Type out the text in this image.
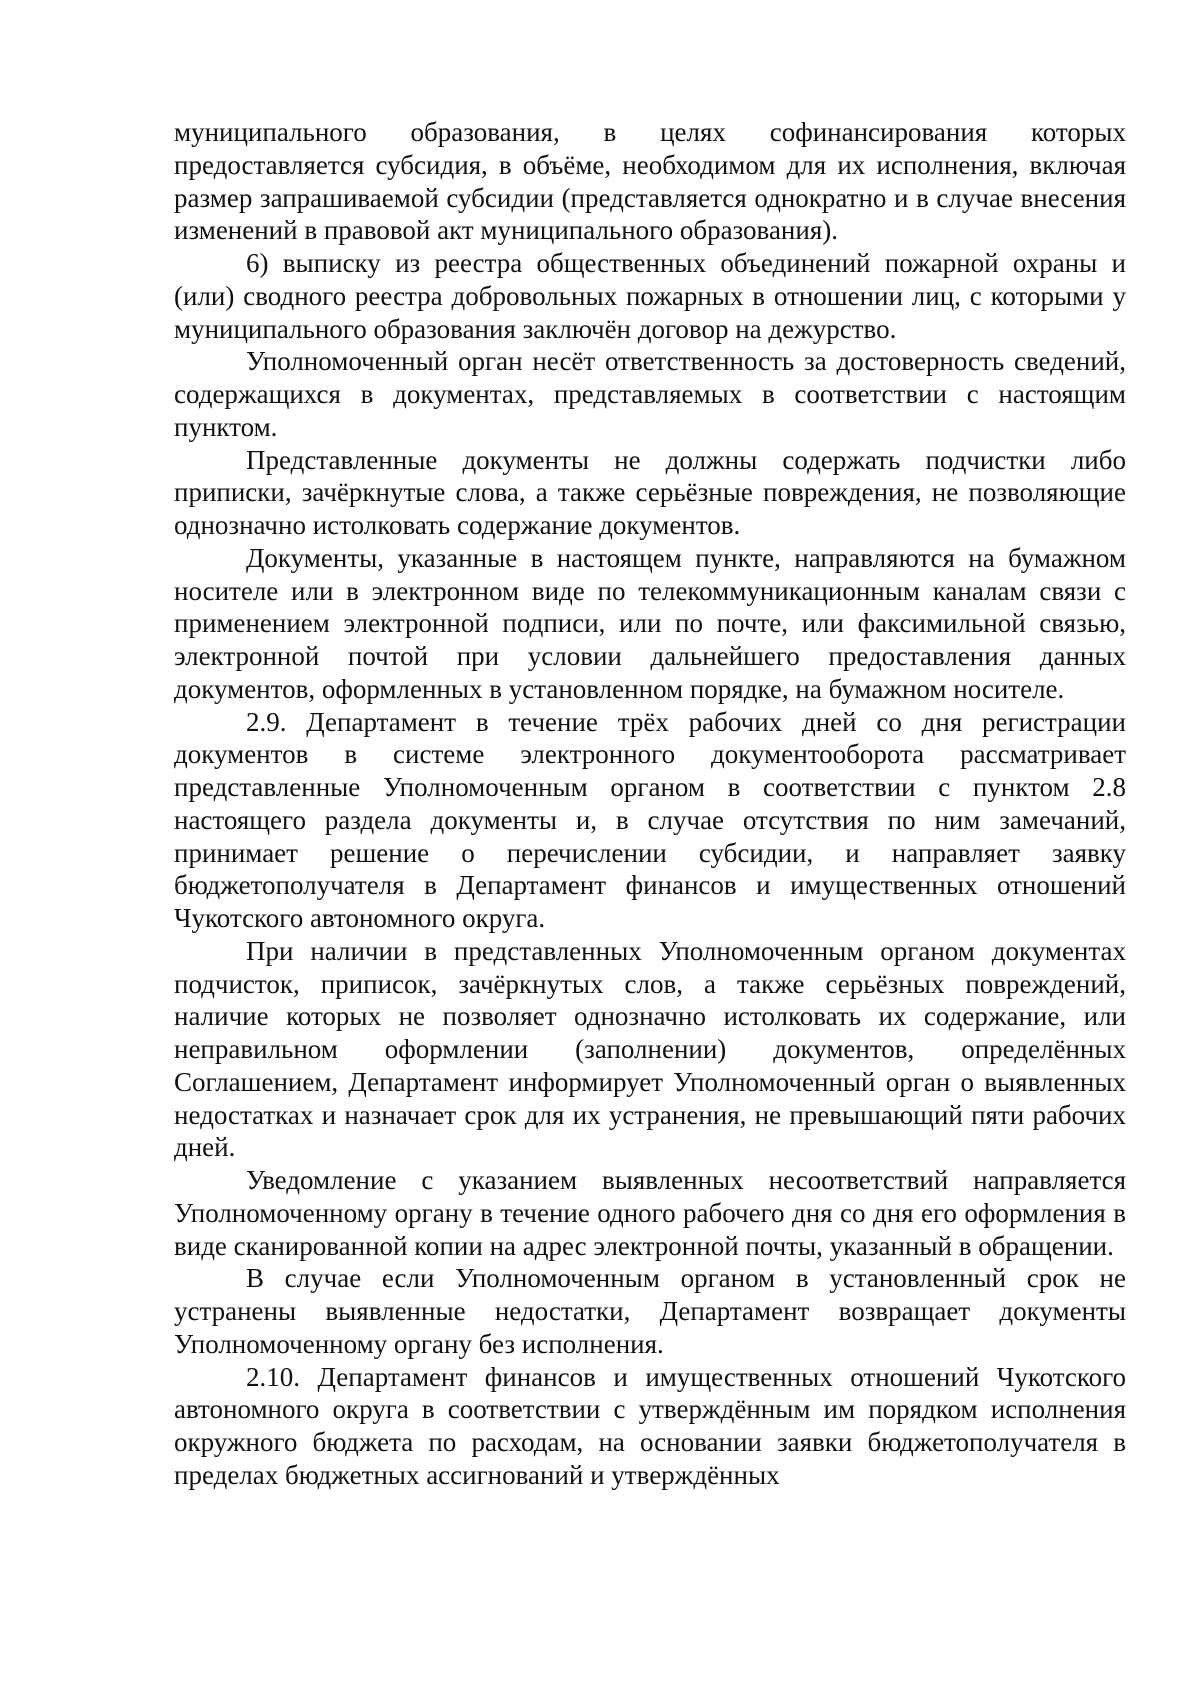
муниципального образования, в целях софинансирования которых предоставляется субсидия, в объёме, необходимом для их исполнения, включая размер запрашиваемой субсидии (представляется однократно и в случае внесения изменений в правовой акт муниципального образования).

6) выписку из реестра общественных объединений пожарной охраны и (или) сводного реестра добровольных пожарных в отношении лиц, с которыми у муниципального образования заключён договор на дежурство.

Уполномоченный орган несёт ответственность за достоверность сведений, содержащихся в документах, представляемых в соответствии с настоящим пунктом.

Представленные документы не должны содержать подчистки либо приписки, зачёркнутые слова, а также серьёзные повреждения, не позволяющие однозначно истолковать содержание документов.

Документы, указанные в настоящем пункте, направляются на бумажном носителе или в электронном виде по телекоммуникационным каналам связи с применением электронной подписи, или по почте, или факсимильной связью, электронной почтой при условии дальнейшего предоставления данных документов, оформленных в установленном порядке, на бумажном носителе.

2.9. Департамент в течение трёх рабочих дней со дня регистрации документов в системе электронного документооборота рассматривает представленные Уполномоченным органом в соответствии с пунктом 2.8 настоящего раздела документы и, в случае отсутствия по ним замечаний, принимает решение о перечислении субсидии, и направляет заявку бюджетополучателя в Департамент финансов и имущественных отношений Чукотского автономного округа.

При наличии в представленных Уполномоченным органом документах подчисток, приписок, зачёркнутых слов, а также серьёзных повреждений, наличие которых не позволяет однозначно истолковать их содержание, или неправильном оформлении (заполнении) документов, определённых Соглашением, Департамент информирует Уполномоченный орган о выявленных недостатках и назначает срок для их устранения, не превышающий пяти рабочих дней.

Уведомление с указанием выявленных несоответствий направляется Уполномоченному органу в течение одного рабочего дня со дня его оформления в виде сканированной копии на адрес электронной почты, указанный в обращении.

В случае если Уполномоченным органом в установленный срок не устранены выявленные недостатки, Департамент возвращает документы Уполномоченному органу без исполнения.

2.10. Департамент финансов и имущественных отношений Чукотского автономного округа в соответствии с утверждённым им порядком исполнения окружного бюджета по расходам, на основании заявки бюджетополучателя в пределах бюджетных ассигнований и утверждённых
